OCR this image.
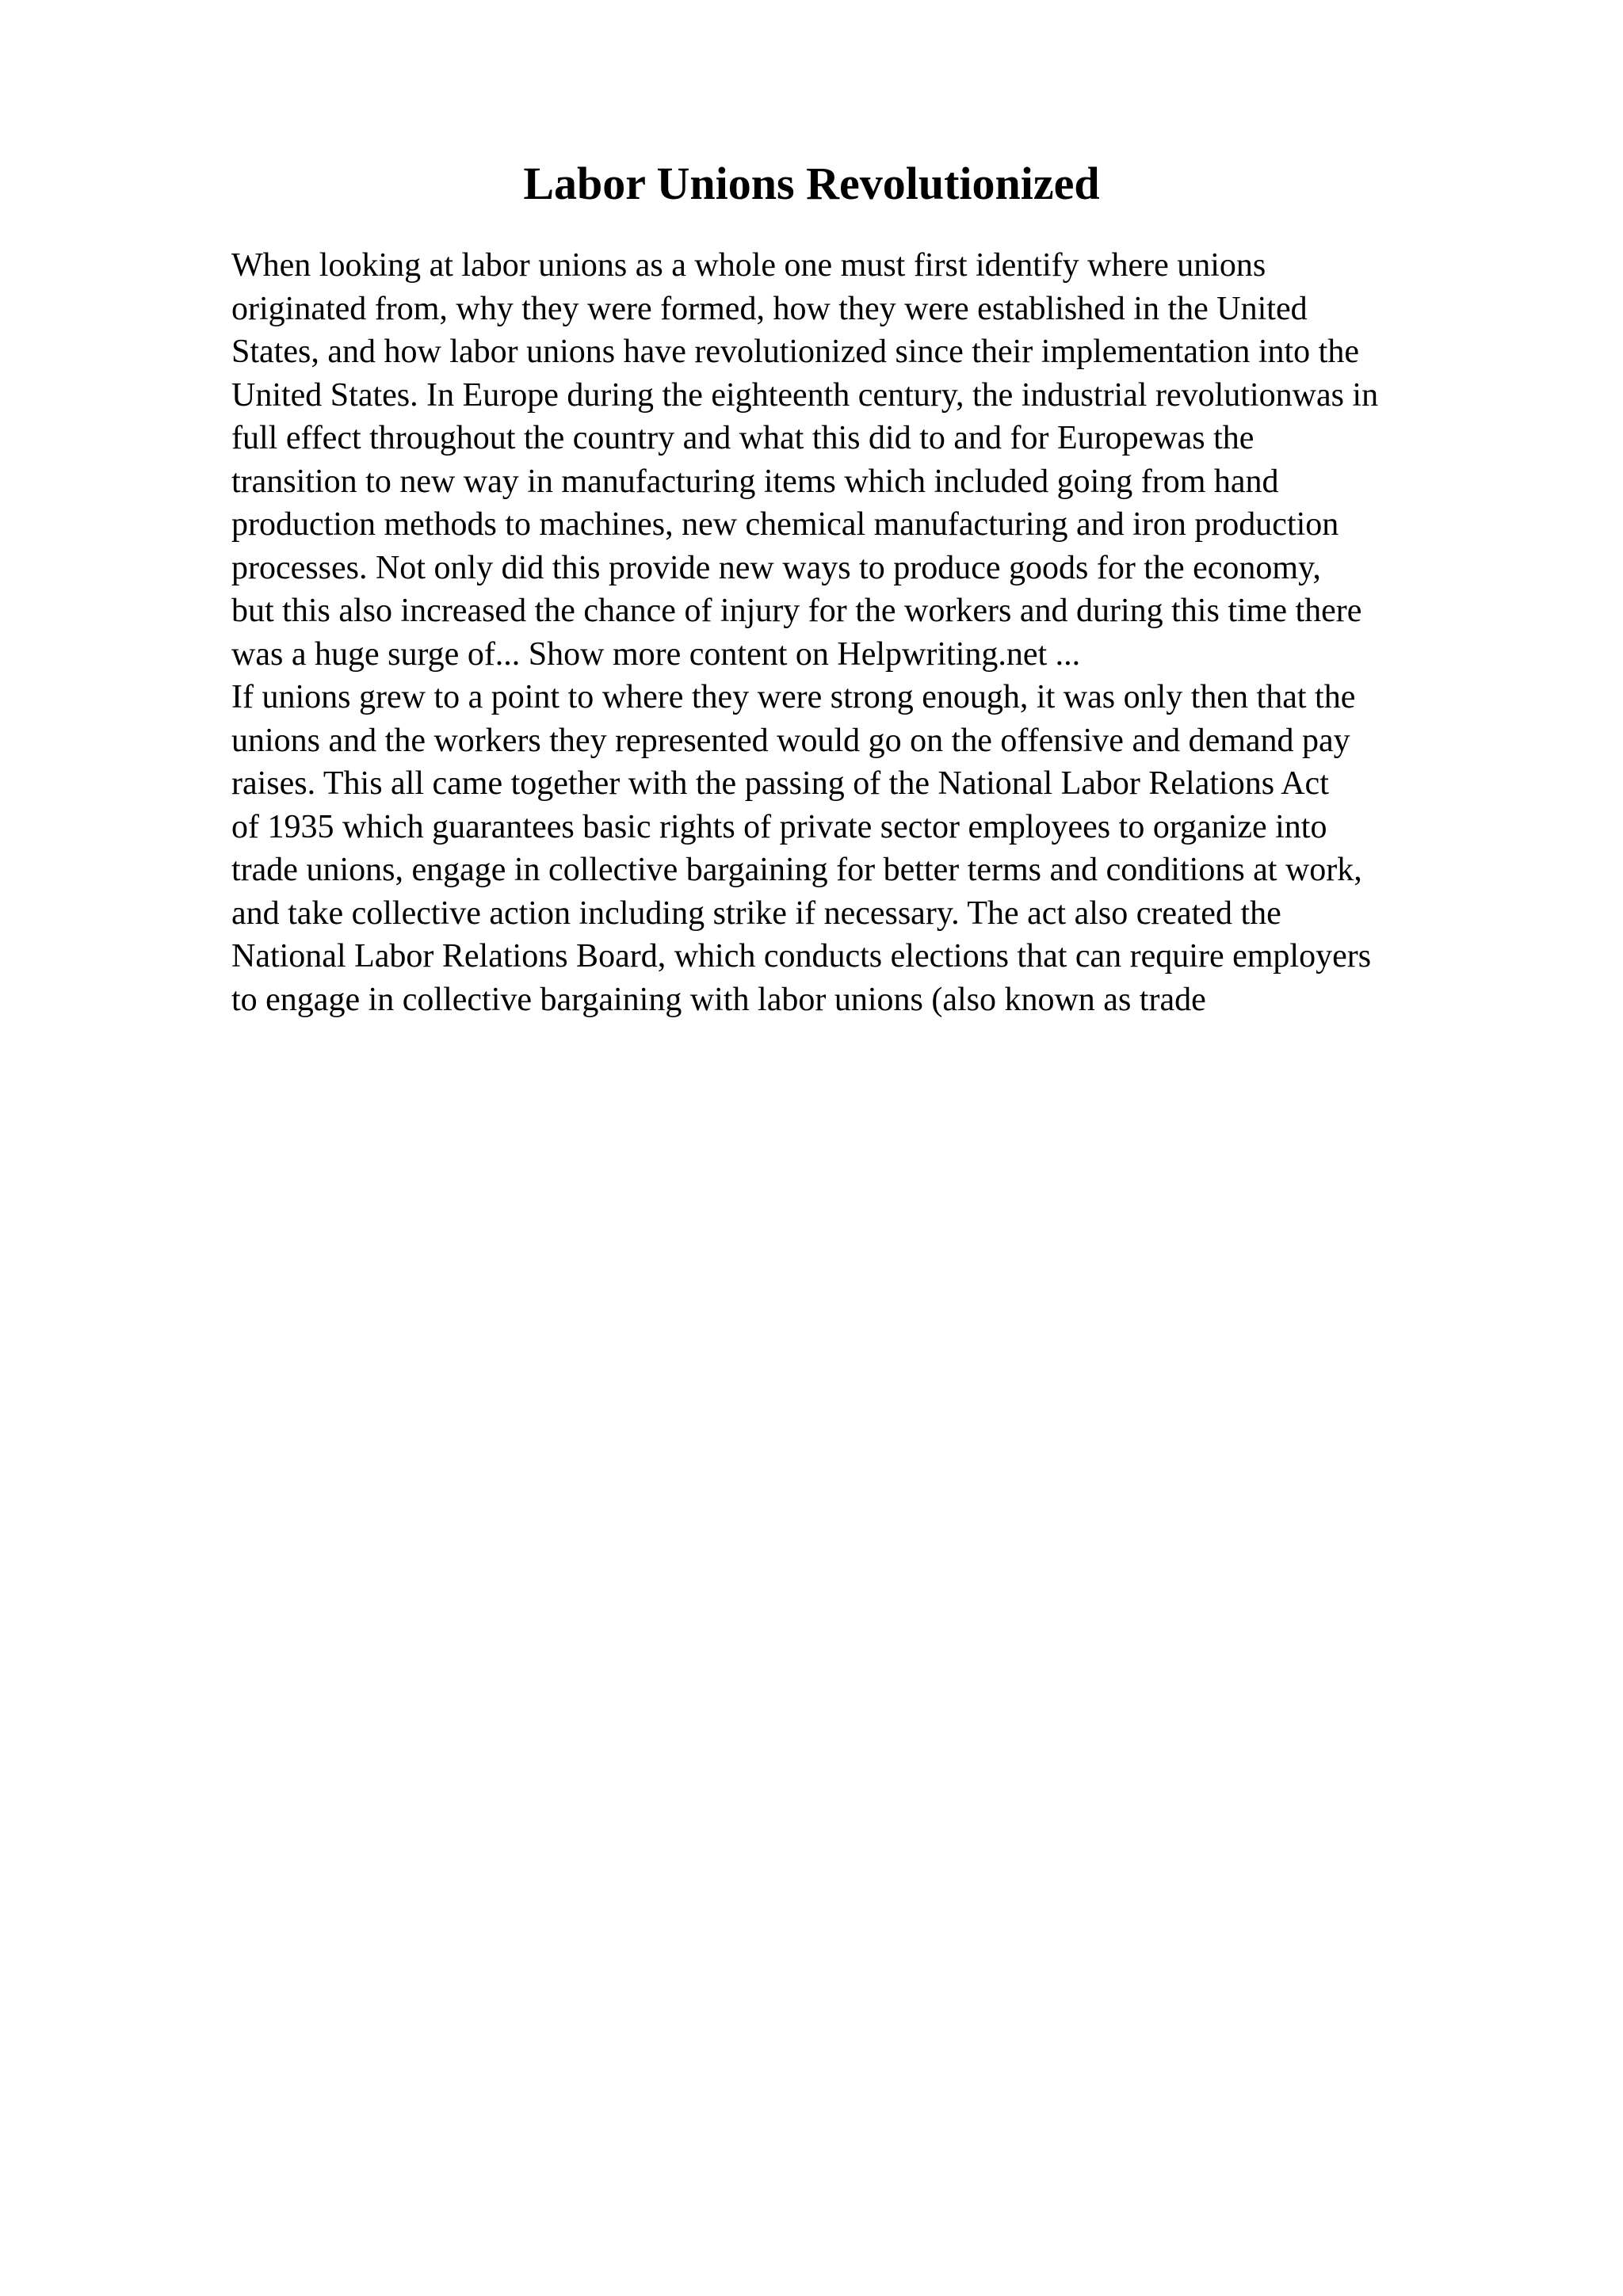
Labor Unions Revolutionized
When looking at labor unions as a whole one must first identify where unions
originated from, why they were formed, how they were established in the United
States, and how labor unions have revolutionized since their implementation into the
United States. In Europe during the eighteenth century, the industrial revolutionwas in
full effect throughout the country and what this did to and for Europewas the
transition to new way in manufacturing items which included going from hand
production methods to machines, new chemical manufacturing and iron production
processes. Not only did this provide new ways to produce goods for the economy,
but this also increased the chance of injury for the workers and during this time there
was a huge surge of... Show more content on Helpwriting.net ...
If unions grew to a point to where they were strong enough, it was only then that the
unions and the workers they represented would go on the offensive and demand pay
raises. This all came together with the passing of the National Labor Relations Act
of 1935 which guarantees basic rights of private sector employees to organize into
trade unions, engage in collective bargaining for better terms and conditions at work,
and take collective action including strike if necessary. The act also created the
National Labor Relations Board, which conducts elections that can require employers
to engage in collective bargaining with labor unions (also known as trade
